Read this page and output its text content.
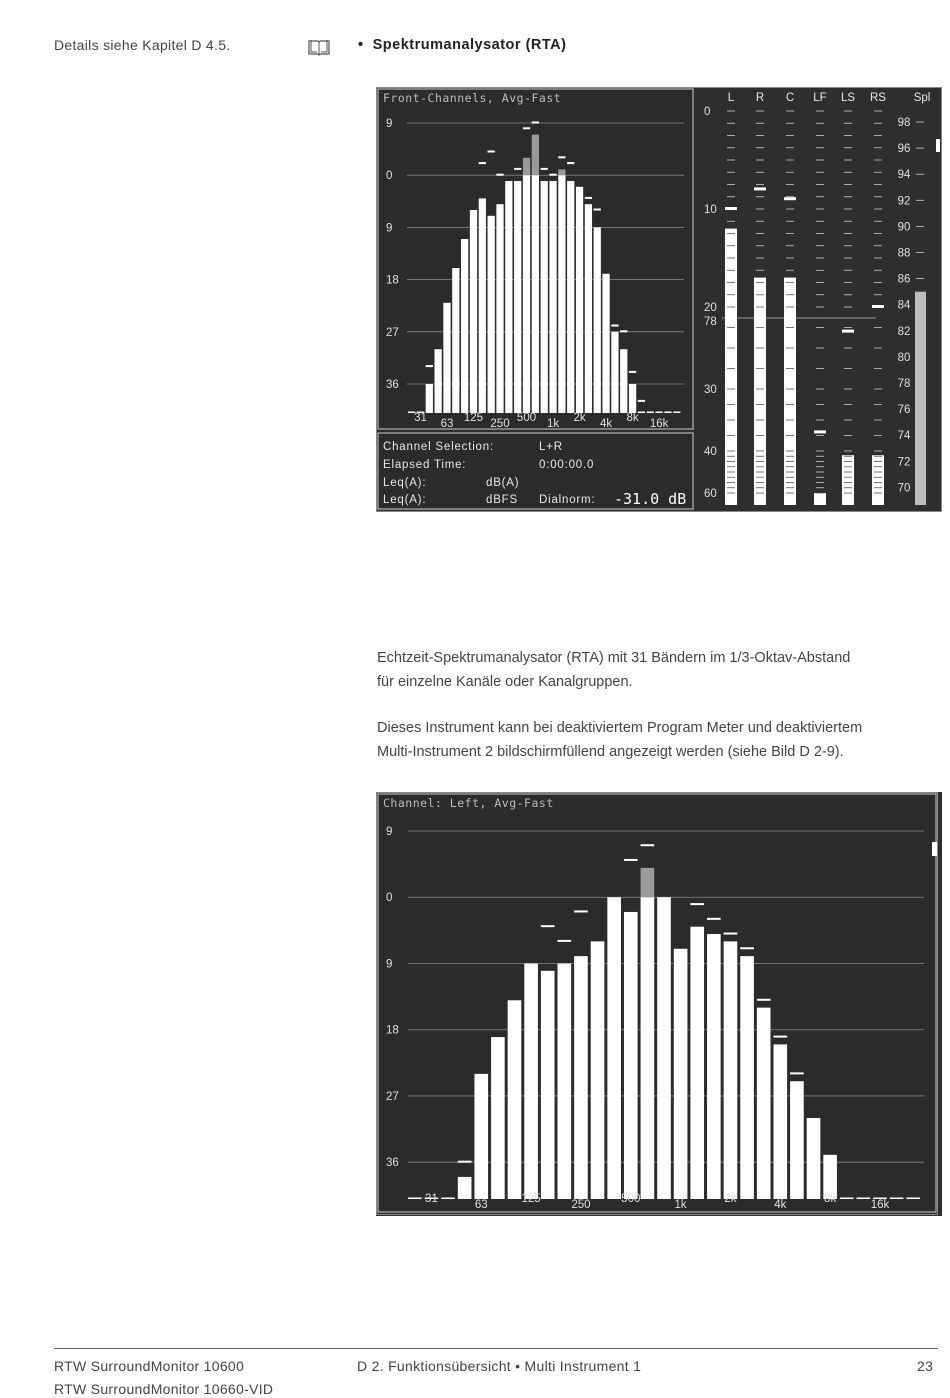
Details siehe Kapitel D 4.5.	• Spektrumanalysator (RTA)
Front-Channels, Avg-Fast
9
0
9
18
27
36
31	125	500	2k	8k
63	250	1k	4k	16k
Channel Selection:	L+R
Elapsed Time:	0:00:00.0
Leq(A):	dB(A)
Leq(A):	dBFS Dialnorm: -31.0 dB
L R C LF LS RS Spl
0
10
20
78
30
40
60
98
96
94
92
90
88
86
84
82
80
78
76
74
72
70
Echtzeit-Spektrumanalysator (RTA) mit 31 Bändern im 1/3-Oktav-Abstand
für einzelne Kanäle oder Kanalgruppen.
Dieses Instrument kann bei deaktiviertem Program Meter und deaktiviertem
Multi-Instrument 2 bildschirmfüllend angezeigt werden (siehe Bild D 2-9).
Channel: Left, Avg-Fast
9
0
9
18
27
36
31	125	500	2k	8k
63	250	1k	4k	16k
RTW SurroundMonitor 10600
RTW SurroundMonitor 10660-VID
D 2. Funktionsübersicht • Multi Instrument 1	23
